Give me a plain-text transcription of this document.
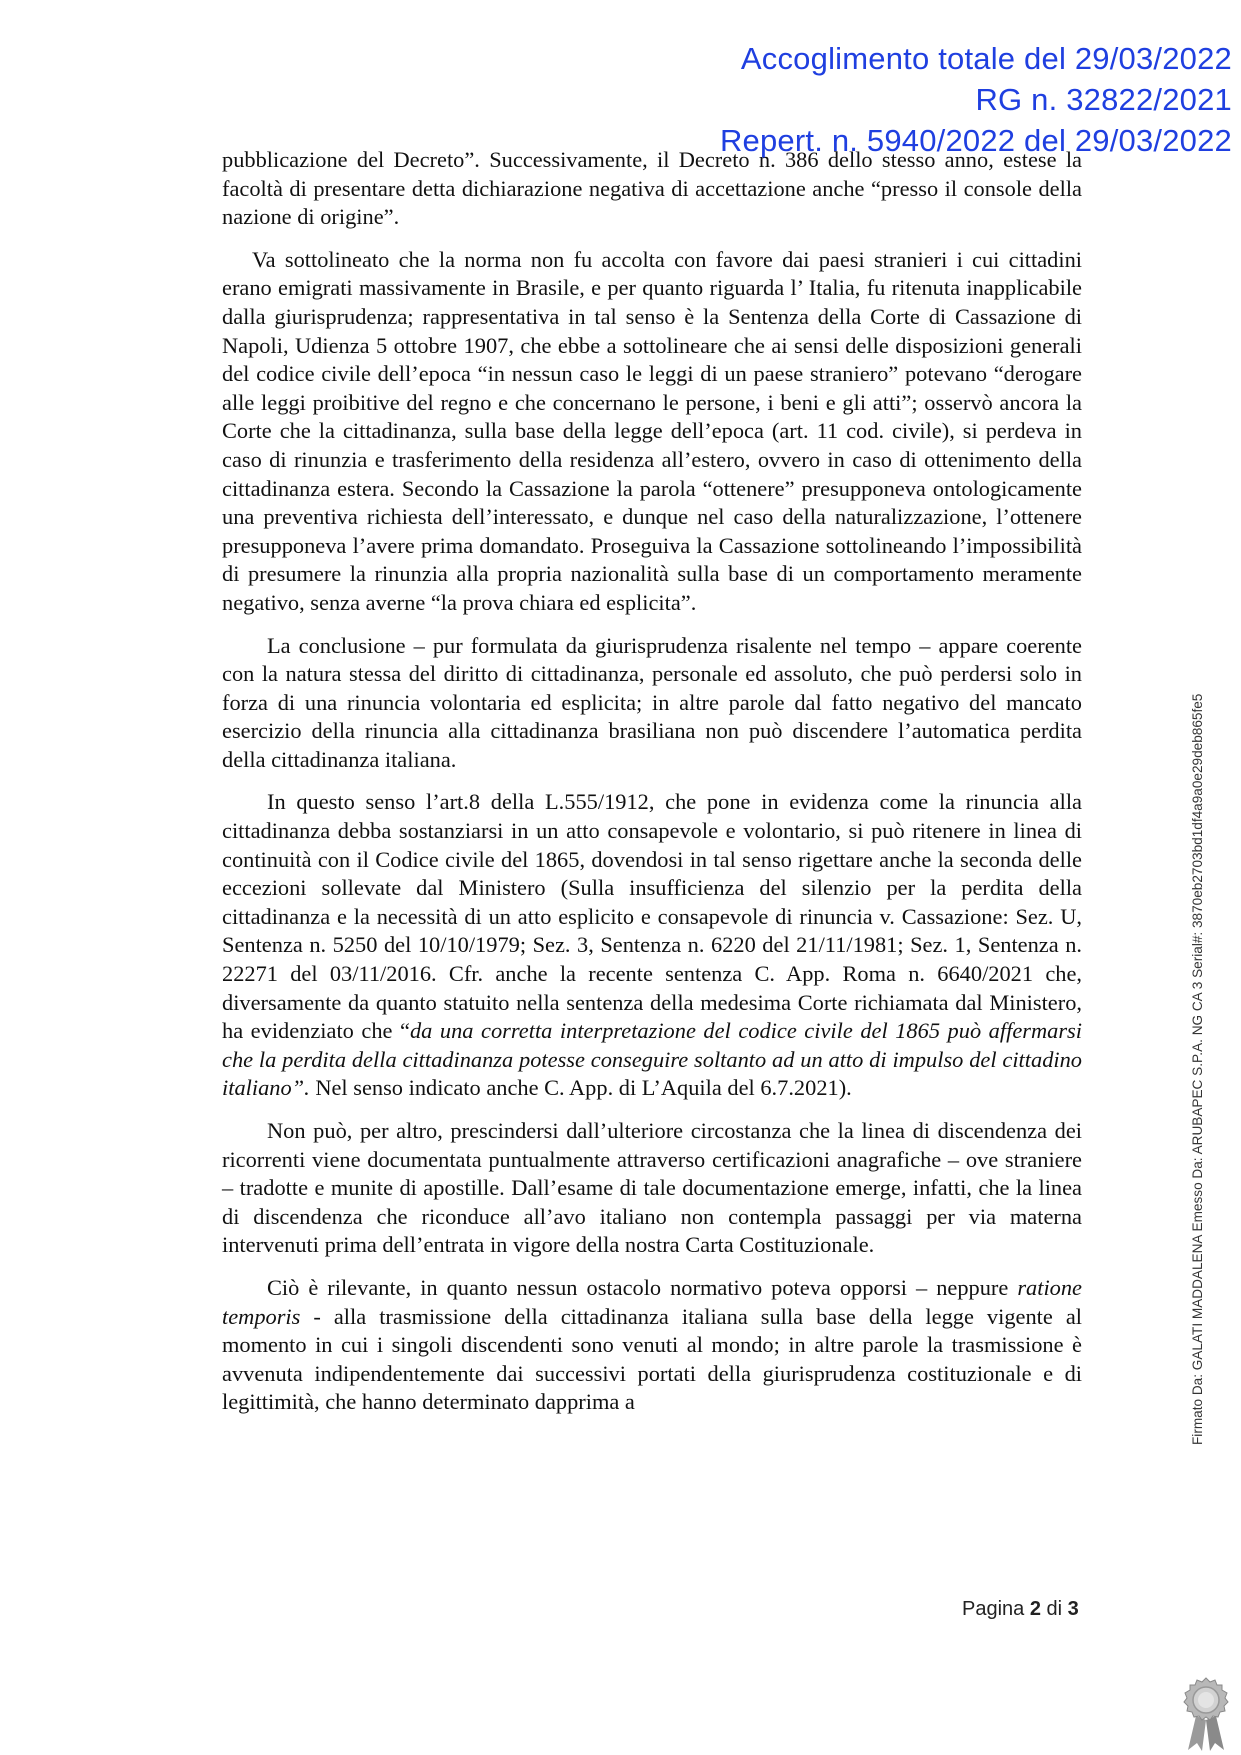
Accoglimento totale del 29/03/2022
RG n. 32822/2021
Repert. n. 5940/2022 del 29/03/2022

pubblicazione del Decreto”. Successivamente, il Decreto n. 386 dello stesso anno, estese la facoltà di presentare detta dichiarazione negativa di accettazione anche “presso il console della nazione di origine”.

Va sottolineato che la norma non fu accolta con favore dai paesi stranieri i cui cittadini erano emigrati massivamente in Brasile, e per quanto riguarda l’ Italia, fu ritenuta inapplicabile dalla giurisprudenza; rappresentativa in tal senso è la Sentenza della Corte di Cassazione di Napoli, Udienza 5 ottobre 1907, che ebbe a sottolineare che ai sensi delle disposizioni generali del codice civile dell’epoca “in nessun caso le leggi di un paese straniero” potevano “derogare alle leggi proibitive del regno e che concernano le persone, i beni e gli atti”; osservò ancora la Corte che la cittadinanza, sulla base della legge dell’epoca (art. 11 cod. civile), si perdeva in caso di rinunzia e trasferimento della residenza all’estero, ovvero in caso di ottenimento della cittadinanza estera. Secondo la Cassazione la parola “ottenere” presupponeva ontologicamente una preventiva richiesta dell’interessato, e dunque nel caso della naturalizzazione, l’ottenere presupponeva l’avere prima domandato. Proseguiva la Cassazione sottolineando l’impossibilità di presumere la rinunzia alla propria nazionalità sulla base di un comportamento meramente negativo, senza averne “la prova chiara ed esplicita”.

La conclusione – pur formulata da giurisprudenza risalente nel tempo – appare coerente con la natura stessa del diritto di cittadinanza, personale ed assoluto, che può perdersi solo in forza di una rinuncia volontaria ed esplicita; in altre parole dal fatto negativo del mancato esercizio della rinuncia alla cittadinanza brasiliana non può discendere l’automatica perdita della cittadinanza italiana.

In questo senso l’art.8 della L.555/1912, che pone in evidenza come la rinuncia alla cittadinanza debba sostanziarsi in un atto consapevole e volontario, si può ritenere in linea di continuità con il Codice civile del 1865, dovendosi in tal senso rigettare anche la seconda delle eccezioni sollevate dal Ministero (Sulla insufficienza del silenzio per la perdita della cittadinanza e la necessità di un atto esplicito e consapevole di rinuncia v. Cassazione: Sez. U, Sentenza n. 5250 del 10/10/1979; Sez. 3, Sentenza n. 6220 del 21/11/1981; Sez. 1, Sentenza n. 22271 del 03/11/2016. Cfr. anche la recente sentenza C. App. Roma n. 6640/2021 che, diversamente da quanto statuito nella sentenza della medesima Corte richiamata dal Ministero, ha evidenziato che “da una corretta interpretazione del codice civile del 1865 può affermarsi che la perdita della cittadinanza potesse conseguire soltanto ad un atto di impulso del cittadino italiano”. Nel senso indicato anche C. App. di L’Aquila del 6.7.2021).

Non può, per altro, prescindersi dall’ulteriore circostanza che la linea di discendenza dei ricorrenti viene documentata puntualmente attraverso certificazioni anagrafiche – ove straniere – tradotte e munite di apostille. Dall’esame di tale documentazione emerge, infatti, che la linea di discendenza che riconduce all’avo italiano non contempla passaggi per via materna intervenuti prima dell’entrata in vigore della nostra Carta Costituzionale.

Ciò è rilevante, in quanto nessun ostacolo normativo poteva opporsi – neppure ratione temporis - alla trasmissione della cittadinanza italiana sulla base della legge vigente al momento in cui i singoli discendenti sono venuti al mondo; in altre parole la trasmissione è avvenuta indipendentemente dai successivi portati della giurisprudenza costituzionale e di legittimità, che hanno determinato dapprima a

Pagina 2 di 3
Firmato Da: GALATI MADDALENA Emesso Da: ARUBAPEC S.P.A. NG CA 3 Serial#: 3870eb2703bd1df4a9a0e29deb865fe5
